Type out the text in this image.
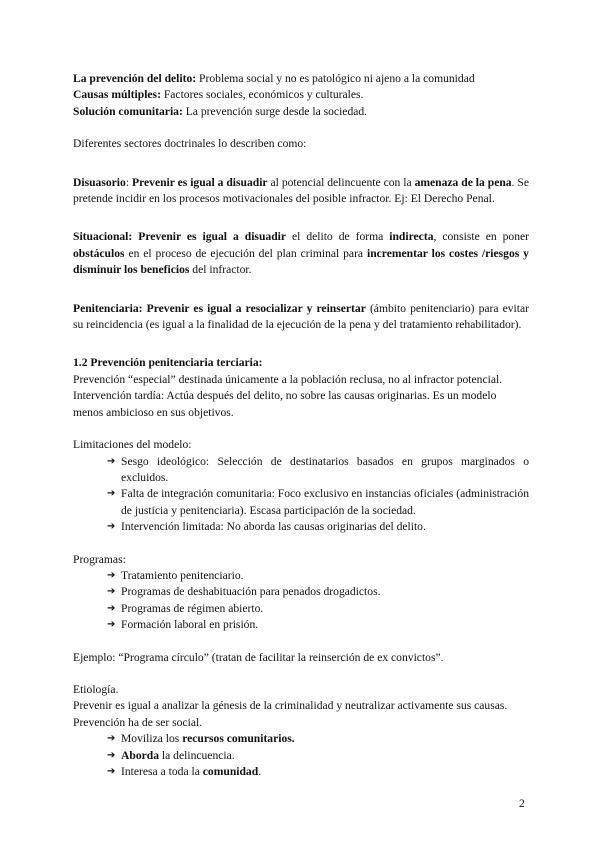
La prevención del delito: Problema social y no es patológico ni ajeno a la comunidad

Causas múltiples: Factores sociales, económicos y culturales.

Solución comunitaria: La prevención surge desde la sociedad.

Diferentes sectores doctrinales lo describen como:

Disuasorio: Prevenir es igual a disuadir al potencial delincuente con la amenaza de la pena. Se pretende incidir en los procesos motivacionales del posible infractor. Ej: El Derecho Penal.

Situacional: Prevenir es igual a disuadir el delito de forma indirecta, consiste en poner obstáculos en el proceso de ejecución del plan criminal para incrementar los costes /riesgos y disminuir los beneficios del infractor.

Penitenciaria: Prevenir es igual a resocializar y reinsertar (ámbito penitenciario) para evitar su reincidencia (es igual a la finalidad de la ejecución de la pena y del tratamiento rehabilitador).

1.2 Prevención penitenciaria terciaria:

Prevención “especial” destinada únicamente a la población reclusa, no al infractor potencial.

Intervención tardía: Actúa después del delito, no sobre las causas originarias. Es un modelo menos ambicioso en sus objetivos.

Limitaciones del modelo:

➔ Sesgo ideológico: Selección de destinatarios basados en grupos marginados o excluidos.
➔ Falta de integración comunitaria: Foco exclusivo en instancias oficiales (administración de justicia y penitenciaria). Escasa participación de la sociedad.
➔ Intervención limitada: No aborda las causas originarias del delito.

Programas:

➔ Tratamiento penitenciario.
➔ Programas de deshabituación para penados drogadictos.
➔ Programas de régimen abierto.
➔ Formación laboral en prisión.

Ejemplo: “Programa círculo” (tratan de facilitar la reinserción de ex convictos”.

Etiología.

Prevenir es igual a analizar la génesis de la criminalidad y neutralizar activamente sus causas.

Prevención ha de ser social.

➔ Moviliza los recursos comunitarios.
➔ Aborda la delincuencia.
➔ Interesa a toda la comunidad.
2
